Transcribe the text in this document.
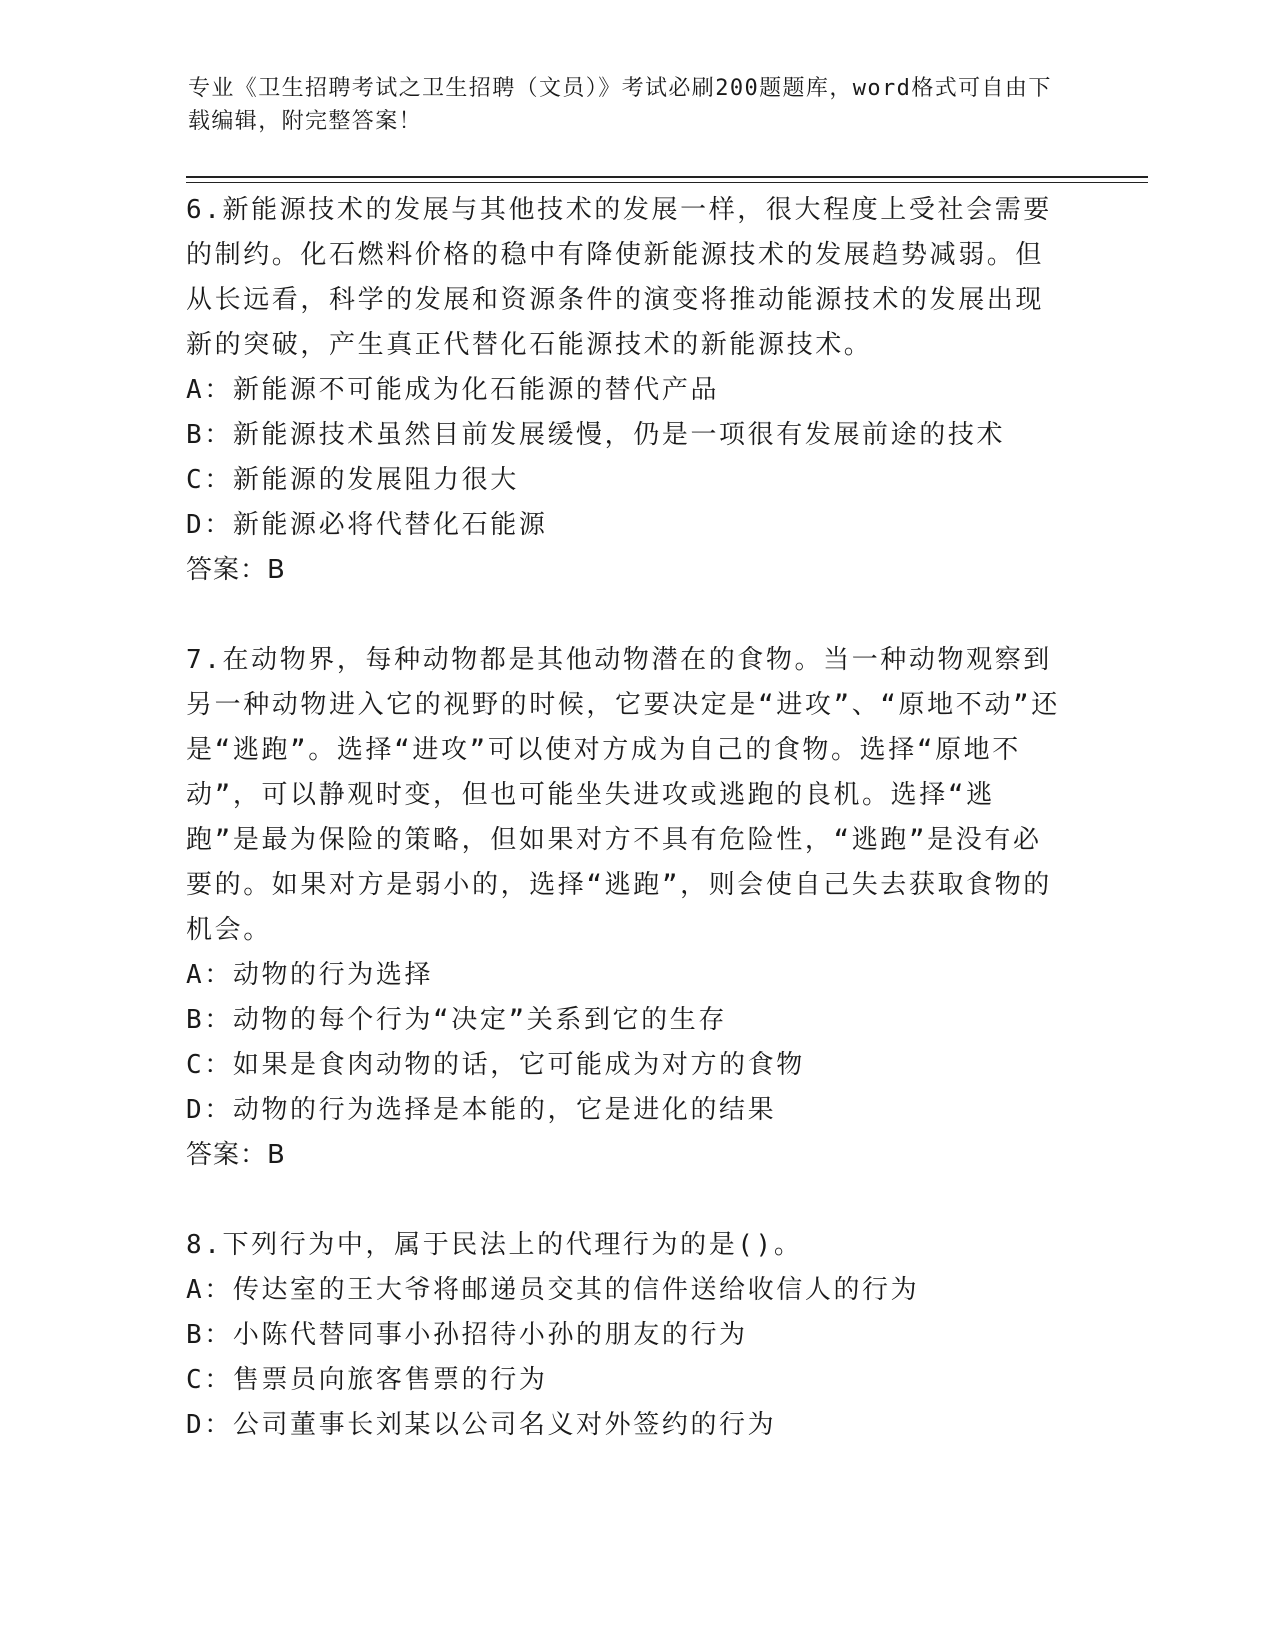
专业《卫生招聘考试之卫生招聘（文员）》考试必刷200题题库，word格式可自由下载编辑，附完整答案！

6.新能源技术的发展与其他技术的发展一样，很大程度上受社会需要的制约。化石燃料价格的稳中有降使新能源技术的发展趋势减弱。但从长远看，科学的发展和资源条件的演变将推动能源技术的发展出现新的突破，产生真正代替化石能源技术的新能源技术。

A：新能源不可能成为化石能源的替代产品

B：新能源技术虽然目前发展缓慢，仍是一项很有发展前途的技术

C：新能源的发展阻力很大

D：新能源必将代替化石能源

答案：B

7.在动物界，每种动物都是其他动物潜在的食物。当一种动物观察到另一种动物进入它的视野的时候，它要决定是“进攻”、“原地不动”还是“逃跑”。选择“进攻”可以使对方成为自己的食物。选择“原地不动”，可以静观时变，但也可能坐失进攻或逃跑的良机。选择“逃跑”是最为保险的策略，但如果对方不具有危险性，“逃跑”是没有必要的。如果对方是弱小的，选择“逃跑”，则会使自己失去获取食物的机会。

A：动物的行为选择

B：动物的每个行为“决定”关系到它的生存

C：如果是食肉动物的话，它可能成为对方的食物

D：动物的行为选择是本能的，它是进化的结果

答案：B

8.下列行为中，属于民法上的代理行为的是()。

A：传达室的王大爷将邮递员交其的信件送给收信人的行为

B：小陈代替同事小孙招待小孙的朋友的行为

C：售票员向旅客售票的行为

D：公司董事长刘某以公司名义对外签约的行为
